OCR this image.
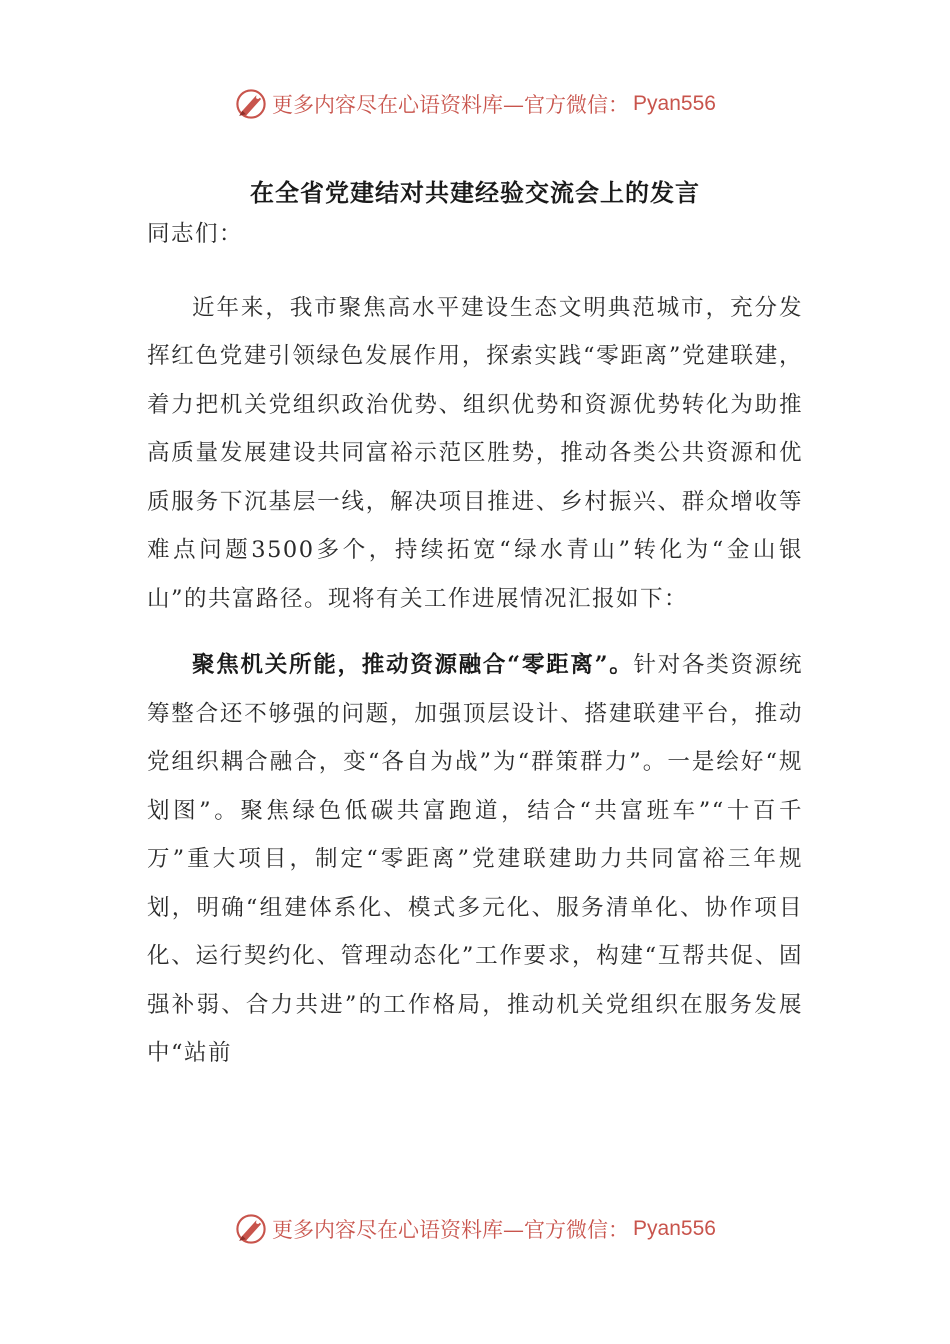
更多内容尽在心语资料库—官方微信： Pyan556
在全省党建结对共建经验交流会上的发言

同志们：

近年来，我市聚焦高水平建设生态文明典范城市，充分发挥红色党建引领绿色发展作用，探索实践“零距离”党建联建，着力把机关党组织政治优势、组织优势和资源优势转化为助推高质量发展建设共同富裕示范区胜势，推动各类公共资源和优质服务下沉基层一线，解决项目推进、乡村振兴、群众增收等难点问题3500多个，持续拓宽“绿水青山”转化为“金山银山”的共富路径。现将有关工作进展情况汇报如下：

聚焦机关所能，推动资源融合“零距离”。针对各类资源统筹整合还不够强的问题，加强顶层设计、搭建联建平台，推动党组织耦合融合，变“各自为战”为“群策群力”。一是绘好“规划图”。聚焦绿色低碳共富跑道，结合“共富班车”“十百千万”重大项目，制定“零距离”党建联建助力共同富裕三年规划，明确“组建体系化、模式多元化、服务清单化、协作项目化、运行契约化、管理动态化”工作要求，构建“互帮共促、固强补弱、合力共进”的工作格局，推动机关党组织在服务发展中“站前

更多内容尽在心语资料库—官方微信： Pyan556
